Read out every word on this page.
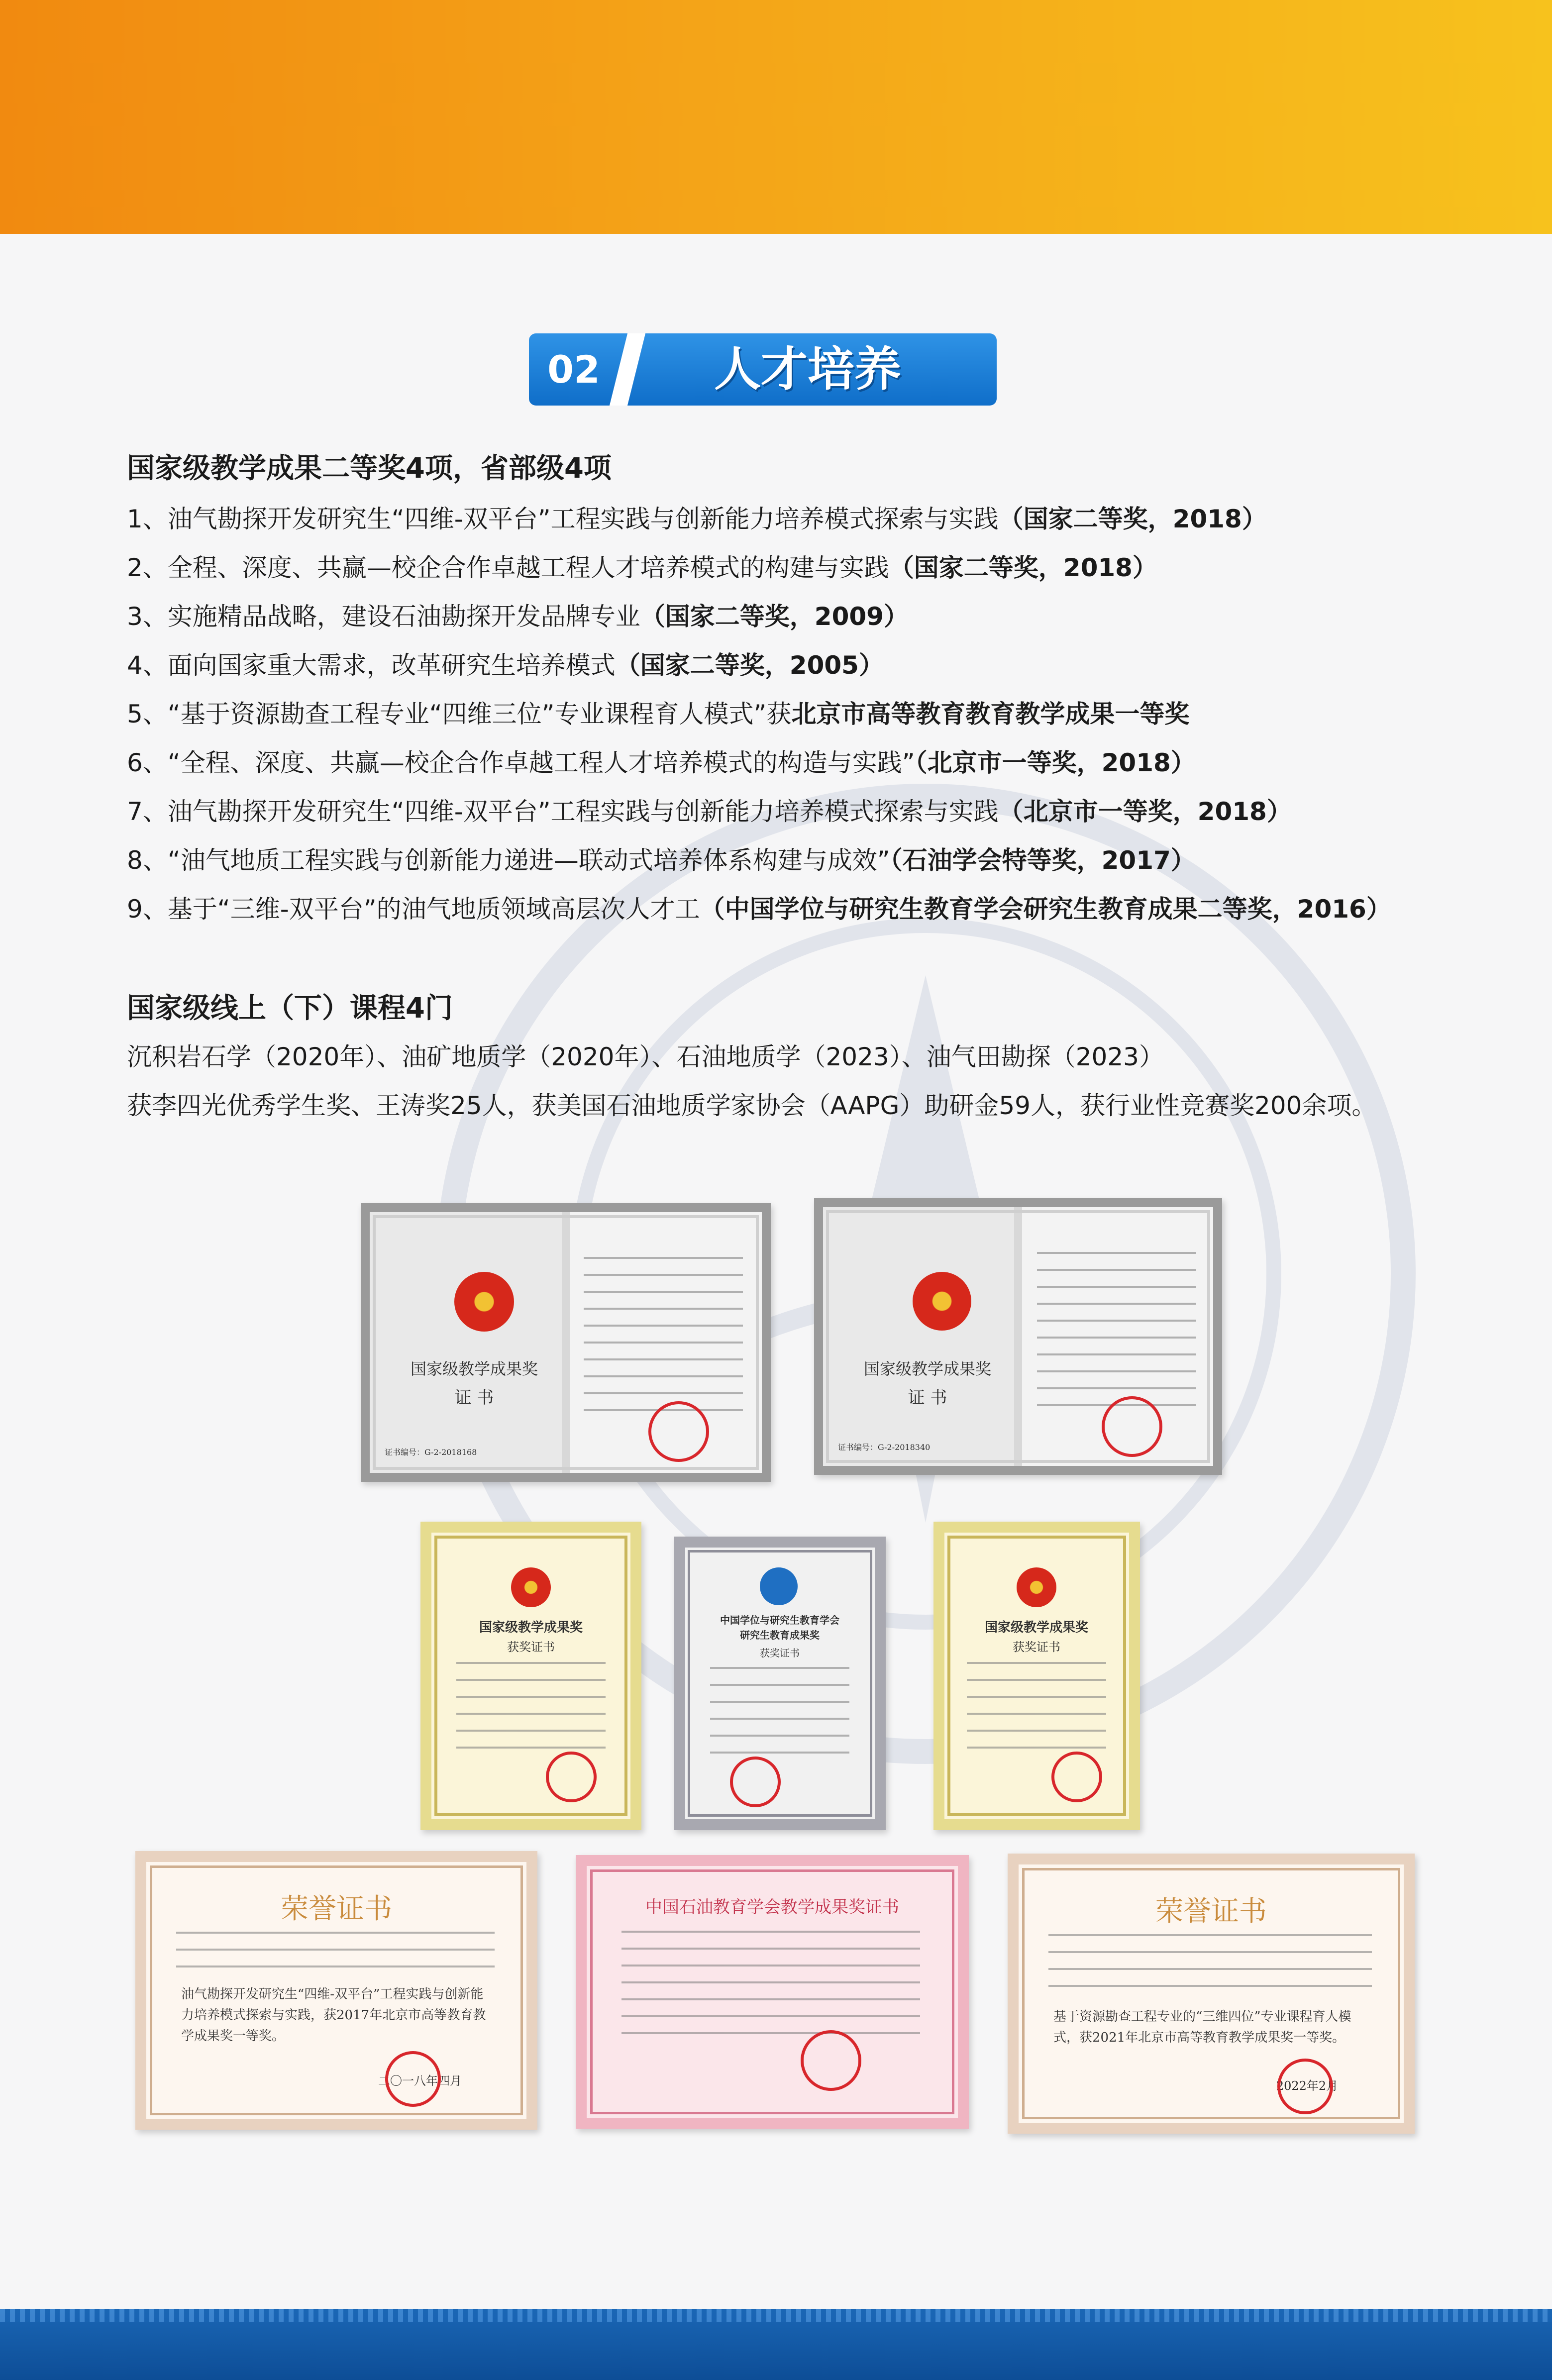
02	人才培养

国家级教学成果二等奖4项，省部级4项

1、油气勘探开发研究生“四维-双平台”工程实践与创新能力培养模式探索与实践（国家二等奖，2018）

2、全程、深度、共赢—校企合作卓越工程人才培养模式的构建与实践（国家二等奖，2018）

3、实施精品战略，建设石油勘探开发品牌专业（国家二等奖，2009）

4、面向国家重大需求，改革研究生培养模式（国家二等奖，2005）

5、“基于资源勘查工程专业“四维三位”专业课程育人模式”获北京市高等教育教育教学成果一等奖

6、“全程、深度、共赢—校企合作卓越工程人才培养模式的构造与实践”（北京市一等奖，2018）

7、油气勘探开发研究生“四维-双平台”工程实践与创新能力培养模式探索与实践（北京市一等奖，2018）

8、“油气地质工程实践与创新能力递进—联动式培养体系构建与成效”（石油学会特等奖，2017）

9、基于“三维-双平台”的油气地质领域高层次人才工（中国学位与研究生教育学会研究生教育成果二等奖，2016）

国家级线上（下）课程4门

沉积岩石学（2020年）、油矿地质学（2020年）、石油地质学（2023）、油气田勘探（2023）

获李四光优秀学生奖、王涛奖25人，获美国石油地质学家协会（AAPG）助研金59人，获行业性竞赛奖200余项。

国家级教学成果奖
证 书
证书编号：G-2-2018168
国家级教学成果奖
证 书
证书编号：G-2-2018340
国家级教学成果奖
获奖证书
中国学位与研究生教育学会
研究生教育成果奖
获奖证书
国家级教学成果奖
获奖证书
荣誉证书
油气勘探开发研究生“四维-双平台”工程实践与创新能力培养模式探索与实践，获2017年北京市高等教育教学成果奖一等奖。
二〇一八年四月
中国石油教育学会教学成果奖证书	荣誉证书
基于资源勘查工程专业的“三维四位”专业课程育人模式，获2021年北京市高等教育教学成果奖一等奖。
2022年2月
